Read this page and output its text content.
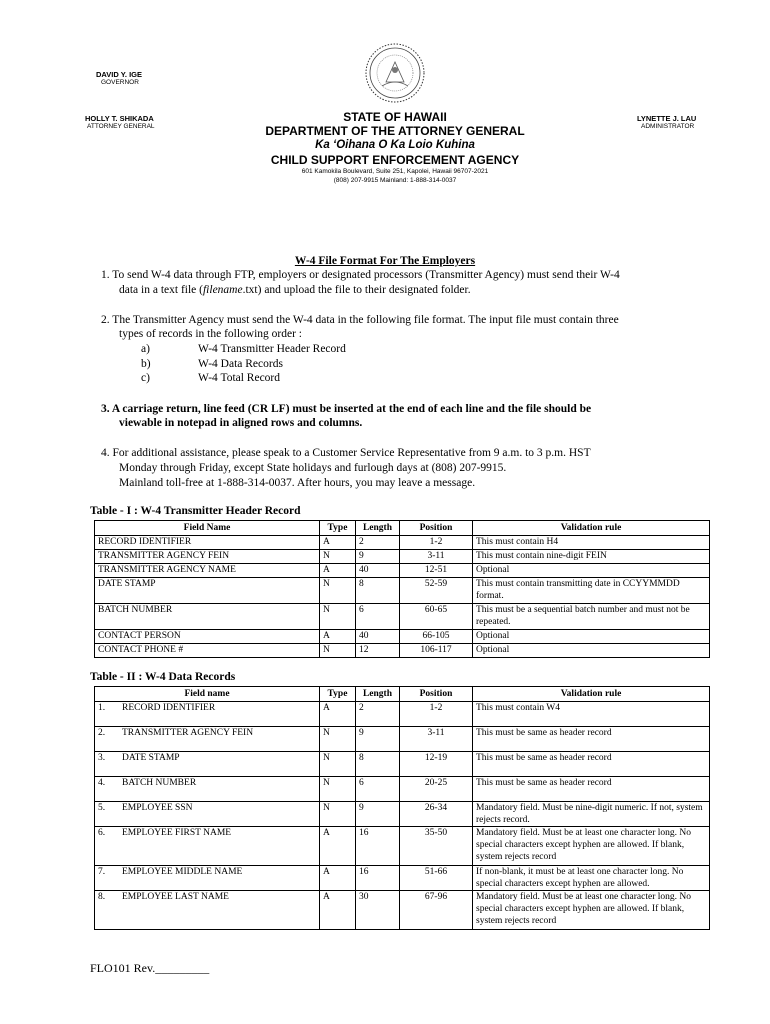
DAVID Y. IGE
GOVERNOR
HOLLY T. SHIKADA
ATTORNEY GENERAL
LYNETTE J. LAU
ADMINISTRATOR
STATE OF HAWAII
DEPARTMENT OF THE ATTORNEY GENERAL
Ka ‘Oihana O Ka Loio Kuhina
CHILD SUPPORT ENFORCEMENT AGENCY
601 Kamokila Boulevard, Suite 251, Kapolei, Hawaii 96707-2021
(808) 207-9915 Mainland: 1-888-314-0037
W-4 File Format For The Employers
1. To send W-4 data through FTP, employers or designated processors (Transmitter Agency) must send their W-4
data in a text file (filename.txt) and upload the file to their designated folder.
2. The Transmitter Agency must send the W-4 data in the following file format. The input file must contain three
types of records in the following order :
a)	W-4 Transmitter Header Record
b)	W-4 Data Records
c)	W-4 Total Record
3. A carriage return, line feed (CR LF) must be inserted at the end of each line and the file should be
viewable in notepad in aligned rows and columns.
4. For additional assistance, please speak to a Customer Service Representative from 9 a.m. to 3 p.m. HST
Monday through Friday, except State holidays and furlough days at (808) 207-9915.
Mainland toll-free at 1-888-314-0037. After hours, you may leave a message.
Table - I : W-4 Transmitter Header Record
Field Name	Type	Length	Position	Validation rule
RECORD IDENTIFIER	A	2	1-2	This must contain H4
TRANSMITTER AGENCY FEIN	N	9	3-11	This must contain nine-digit FEIN
TRANSMITTER AGENCY NAME	A	40	12-51	Optional
DATE STAMP	N	8	52-59	This must contain transmitting date in CCYYMMDD format.
BATCH NUMBER	N	6	60-65	This must be a sequential batch number and must not be repeated.
CONTACT PERSON	A	40	66-105	Optional
CONTACT PHONE #	N	12	106-117	Optional
Table - II : W-4 Data Records
Field name	Type	Length	Position	Validation rule
1. RECORD IDENTIFIER	A	2	1-2	This must contain W4
2. TRANSMITTER AGENCY FEIN	N	9	3-11	This must be same as header record
3. DATE STAMP	N	8	12-19	This must be same as header record
4. BATCH NUMBER	N	6	20-25	This must be same as header record
5. EMPLOYEE SSN	N	9	26-34	Mandatory field. Must be nine-digit numeric. If not, system rejects record.
6. EMPLOYEE FIRST NAME	A	16	35-50	Mandatory field. Must be at least one character long. No special characters except hyphen are allowed. If blank, system rejects record
7. EMPLOYEE MIDDLE NAME	A	16	51-66	If non-blank, it must be at least one character long. No special characters except hyphen are allowed.
8. EMPLOYEE LAST NAME	A	30	67-96	Mandatory field. Must be at least one character long. No special characters except hyphen are allowed. If blank, system rejects record
FLO101 Rev._________
